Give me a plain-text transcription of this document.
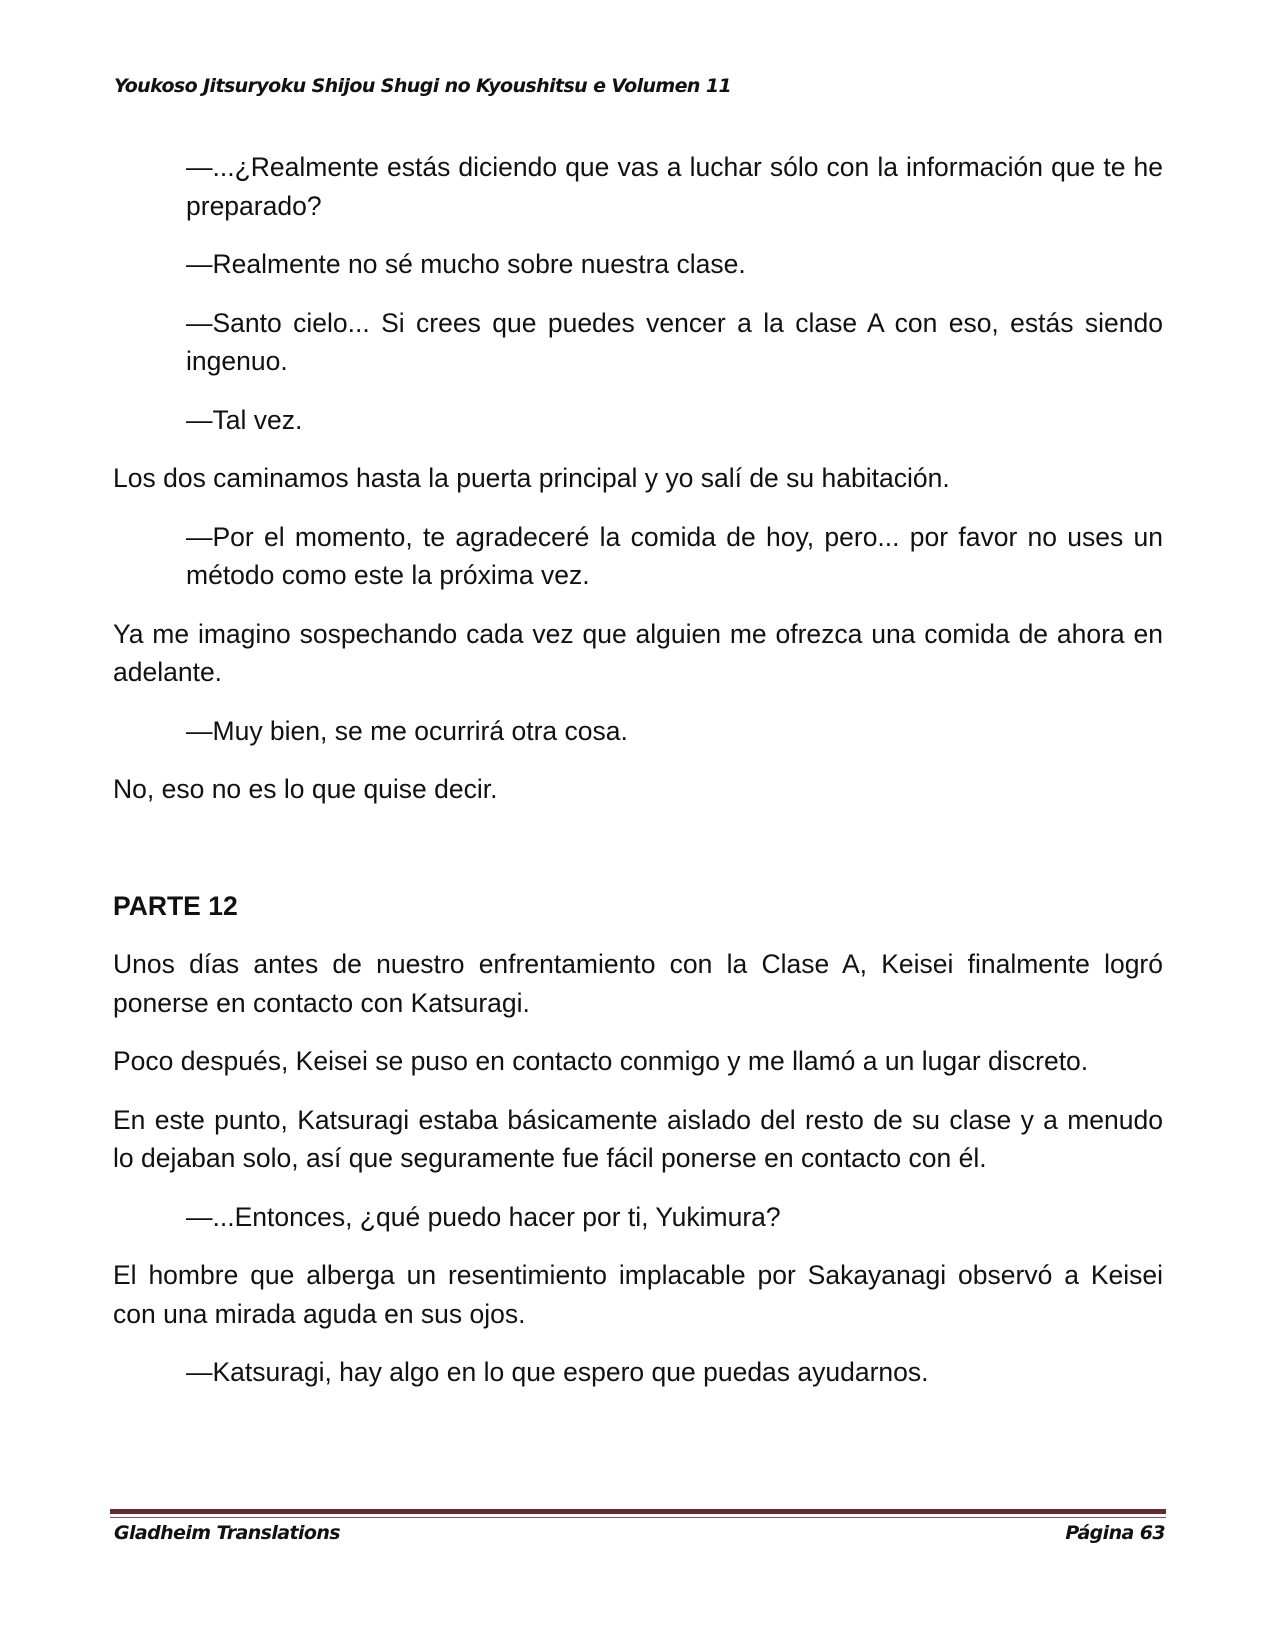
Youkoso Jitsuryoku Shijou Shugi no Kyoushitsu e Volumen 11

—...¿Realmente estás diciendo que vas a luchar sólo con la información que te he preparado?

—Realmente no sé mucho sobre nuestra clase.

—Santo cielo... Si crees que puedes vencer a la clase A con eso, estás siendo ingenuo.

—Tal vez.

Los dos caminamos hasta la puerta principal y yo salí de su habitación.

—Por el momento, te agradeceré la comida de hoy, pero... por favor no uses un método como este la próxima vez.

Ya me imagino sospechando cada vez que alguien me ofrezca una comida de ahora en adelante.

—Muy bien, se me ocurrirá otra cosa.

No, eso no es lo que quise decir.

PARTE 12

Unos días antes de nuestro enfrentamiento con la Clase A, Keisei finalmente logró ponerse en contacto con Katsuragi.

Poco después, Keisei se puso en contacto conmigo y me llamó a un lugar discreto.

En este punto, Katsuragi estaba básicamente aislado del resto de su clase y a menudo lo dejaban solo, así que seguramente fue fácil ponerse en contacto con él.

—...Entonces, ¿qué puedo hacer por ti, Yukimura?

El hombre que alberga un resentimiento implacable por Sakayanagi observó a Keisei con una mirada aguda en sus ojos.

—Katsuragi, hay algo en lo que espero que puedas ayudarnos.

Gladheim Translations	Página 63
